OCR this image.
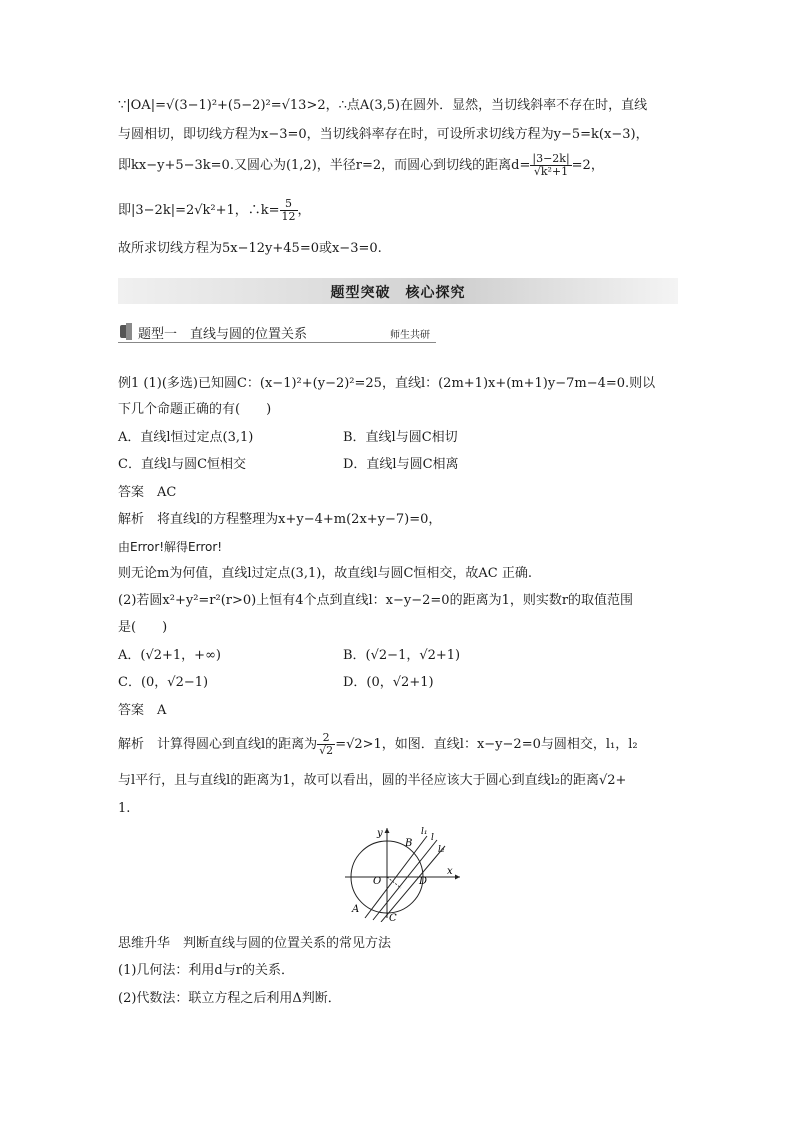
∵|OA|=√(3−1)²+(5−2)²=√13>2，∴点A(3,5)在圆外．显然，当切线斜率不存在时，直线
与圆相切，即切线方程为x−3=0，当切线斜率存在时，可设所求切线方程为y−5=k(x−3)，
即kx−y+5−3k=0.又圆心为(1,2)，半径r=2，而圆心到切线的距离$d= \frac{|3-2k|}{\text{√k²+1}} =2$，
即|3−2k|=2√k²+1，∴k= $\frac{5}{12}$ ，
故所求切线方程为5x−12y+45=0或x−3=0.
题型突破　核心探究
题型一　直线与圆的位置关系	师生共研
例1 (1)(多选)已知圆C：(x−1)²+(y−2)²=25，直线l：(2m+1)x+(m+1)y−7m−4=0.则以
下几个命题正确的有(　　)
A．直线l恒过定点(3,1)	B．直线l与圆C相切
C．直线l与圆C恒相交	D．直线l与圆C相离
答案　AC
解析　将直线l的方程整理为x+y−4+m(2x+y−7)=0，
由Error!解得Error!
则无论m为何值，直线l过定点(3,1)，故直线l与圆C恒相交，故AC 正确.
(2)若圆x²+y²=r²(r>0)上恒有4个点到直线l：x−y−2=0的距离为1，则实数r的取值范围
是(　　)
A．(√2+1，+∞)	B．(√2−1，√2+1)
C．(0，√2−1)	D．(0，√2+1)
答案　A
解析　计算得圆心到直线l的距离为 $\frac{2}{√2} =√2>1$，如图．直线l：x−y−2=0与圆相交，l₁，l₂
与l平行，且与直线l的距离为1，故可以看出，圆的半径应该大于圆心到直线l₂的距离√2+
1.
y
x
O
A
B
C
D
l₁
l
l₂
思维升华　判断直线与圆的位置关系的常见方法
(1)几何法：利用d与r的关系．
(2)代数法：联立方程之后利用Δ判断．
